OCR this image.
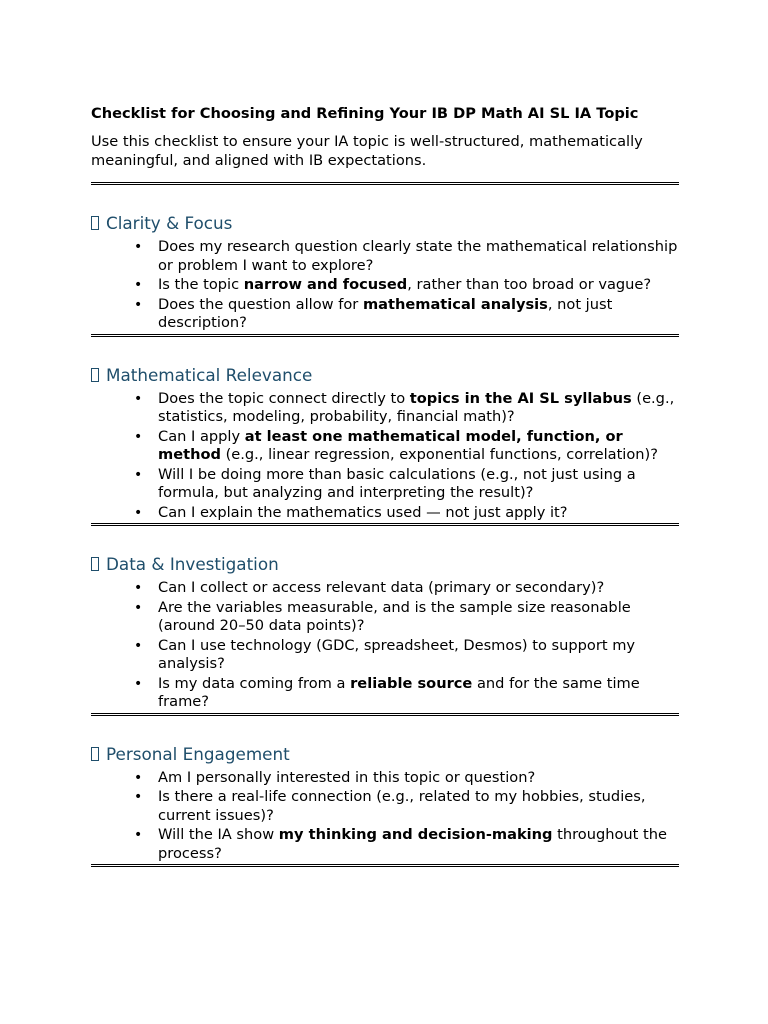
Checklist for Choosing and Refining Your IB DP Math AI SL IA Topic

Use this checklist to ensure your IA topic is well-structured, mathematically meaningful, and aligned with IB expectations.

Clarity & Focus
• Does my research question clearly state the mathematical relationship or problem I want to explore?
• Is the topic narrow and focused, rather than too broad or vague?
• Does the question allow for mathematical analysis, not just description?
Mathematical Relevance
• Does the topic connect directly to topics in the AI SL syllabus (e.g., statistics, modeling, probability, financial math)?
• Can I apply at least one mathematical model, function, or method (e.g., linear regression, exponential functions, correlation)?
• Will I be doing more than basic calculations (e.g., not just using a formula, but analyzing and interpreting the result)?
• Can I explain the mathematics used — not just apply it?
Data & Investigation
• Can I collect or access relevant data (primary or secondary)?
• Are the variables measurable, and is the sample size reasonable (around 20–50 data points)?
• Can I use technology (GDC, spreadsheet, Desmos) to support my analysis?
• Is my data coming from a reliable source and for the same time frame?
Personal Engagement
• Am I personally interested in this topic or question?
• Is there a real-life connection (e.g., related to my hobbies, studies, current issues)?
• Will the IA show my thinking and decision-making throughout the process?
